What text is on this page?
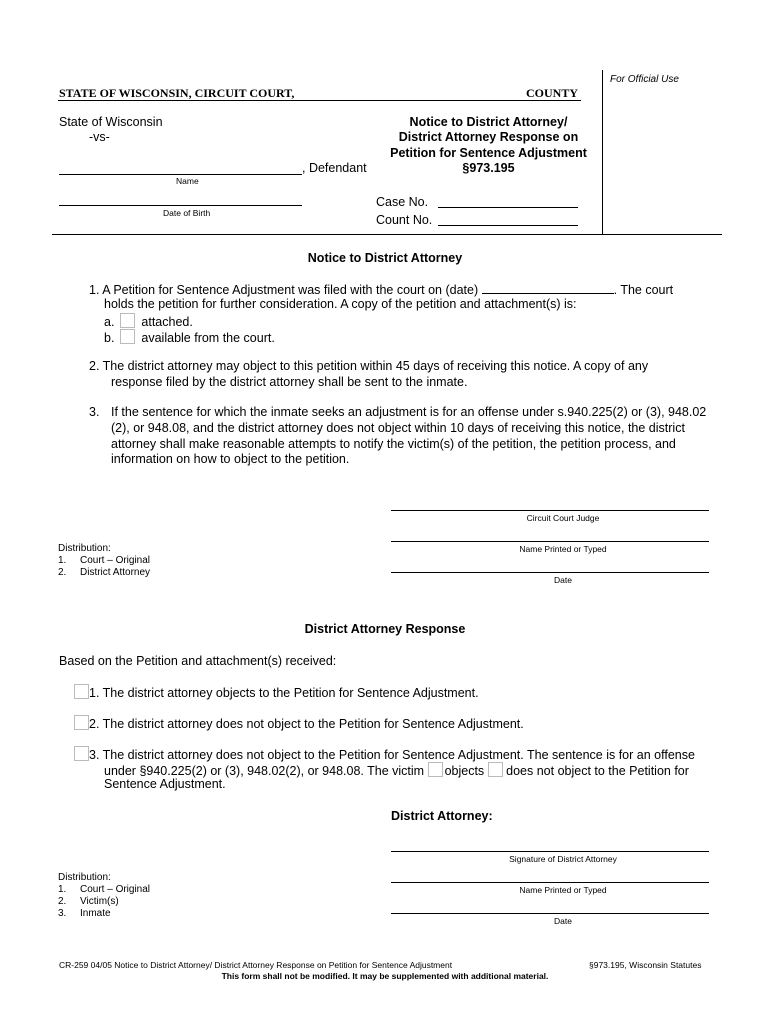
For Official Use
STATE OF WISCONSIN, CIRCUIT COURT,	COUNTY
State of Wisconsin
-vs-
, Defendant
Name
Date of Birth
Notice to District Attorney/
District Attorney Response on
Petition for Sentence Adjustment
§973.195
Case No.
Count No.
Notice to District Attorney
1. A Petition for Sentence Adjustment was filed with the court on (date)	. The court
holds the petition for further consideration. A copy of the petition and attachment(s) is:
a. attached.
b. available from the court.
2. The district attorney may object to this petition within 45 days of receiving this notice. A copy of any
response filed by the district attorney shall be sent to the inmate.
3. If the sentence for which the inmate seeks an adjustment is for an offense under s.940.225(2) or (3), 948.02
(2), or 948.08, and the district attorney does not object within 10 days of receiving this notice, the district
attorney shall make reasonable attempts to notify the victim(s) of the petition, the petition process, and
information on how to object to the petition.
Circuit Court Judge
Name Printed or Typed
Date
Distribution:
1. Court – Original
2. District Attorney
District Attorney Response
Based on the Petition and attachment(s) received:
1. The district attorney objects to the Petition for Sentence Adjustment.
2. The district attorney does not object to the Petition for Sentence Adjustment.
3. The district attorney does not object to the Petition for Sentence Adjustment. The sentence is for an offense
under §940.225(2) or (3), 948.02(2), or 948.08. The victim objects does not object to the Petition for
Sentence Adjustment.
District Attorney:
Signature of District Attorney
Name Printed or Typed
Date
Distribution:
1. Court – Original
2. Victim(s)
3. Inmate
CR-259 04/05 Notice to District Attorney/ District Attorney Response on Petition for Sentence Adjustment	§973.195, Wisconsin Statutes
This form shall not be modified. It may be supplemented with additional material.
